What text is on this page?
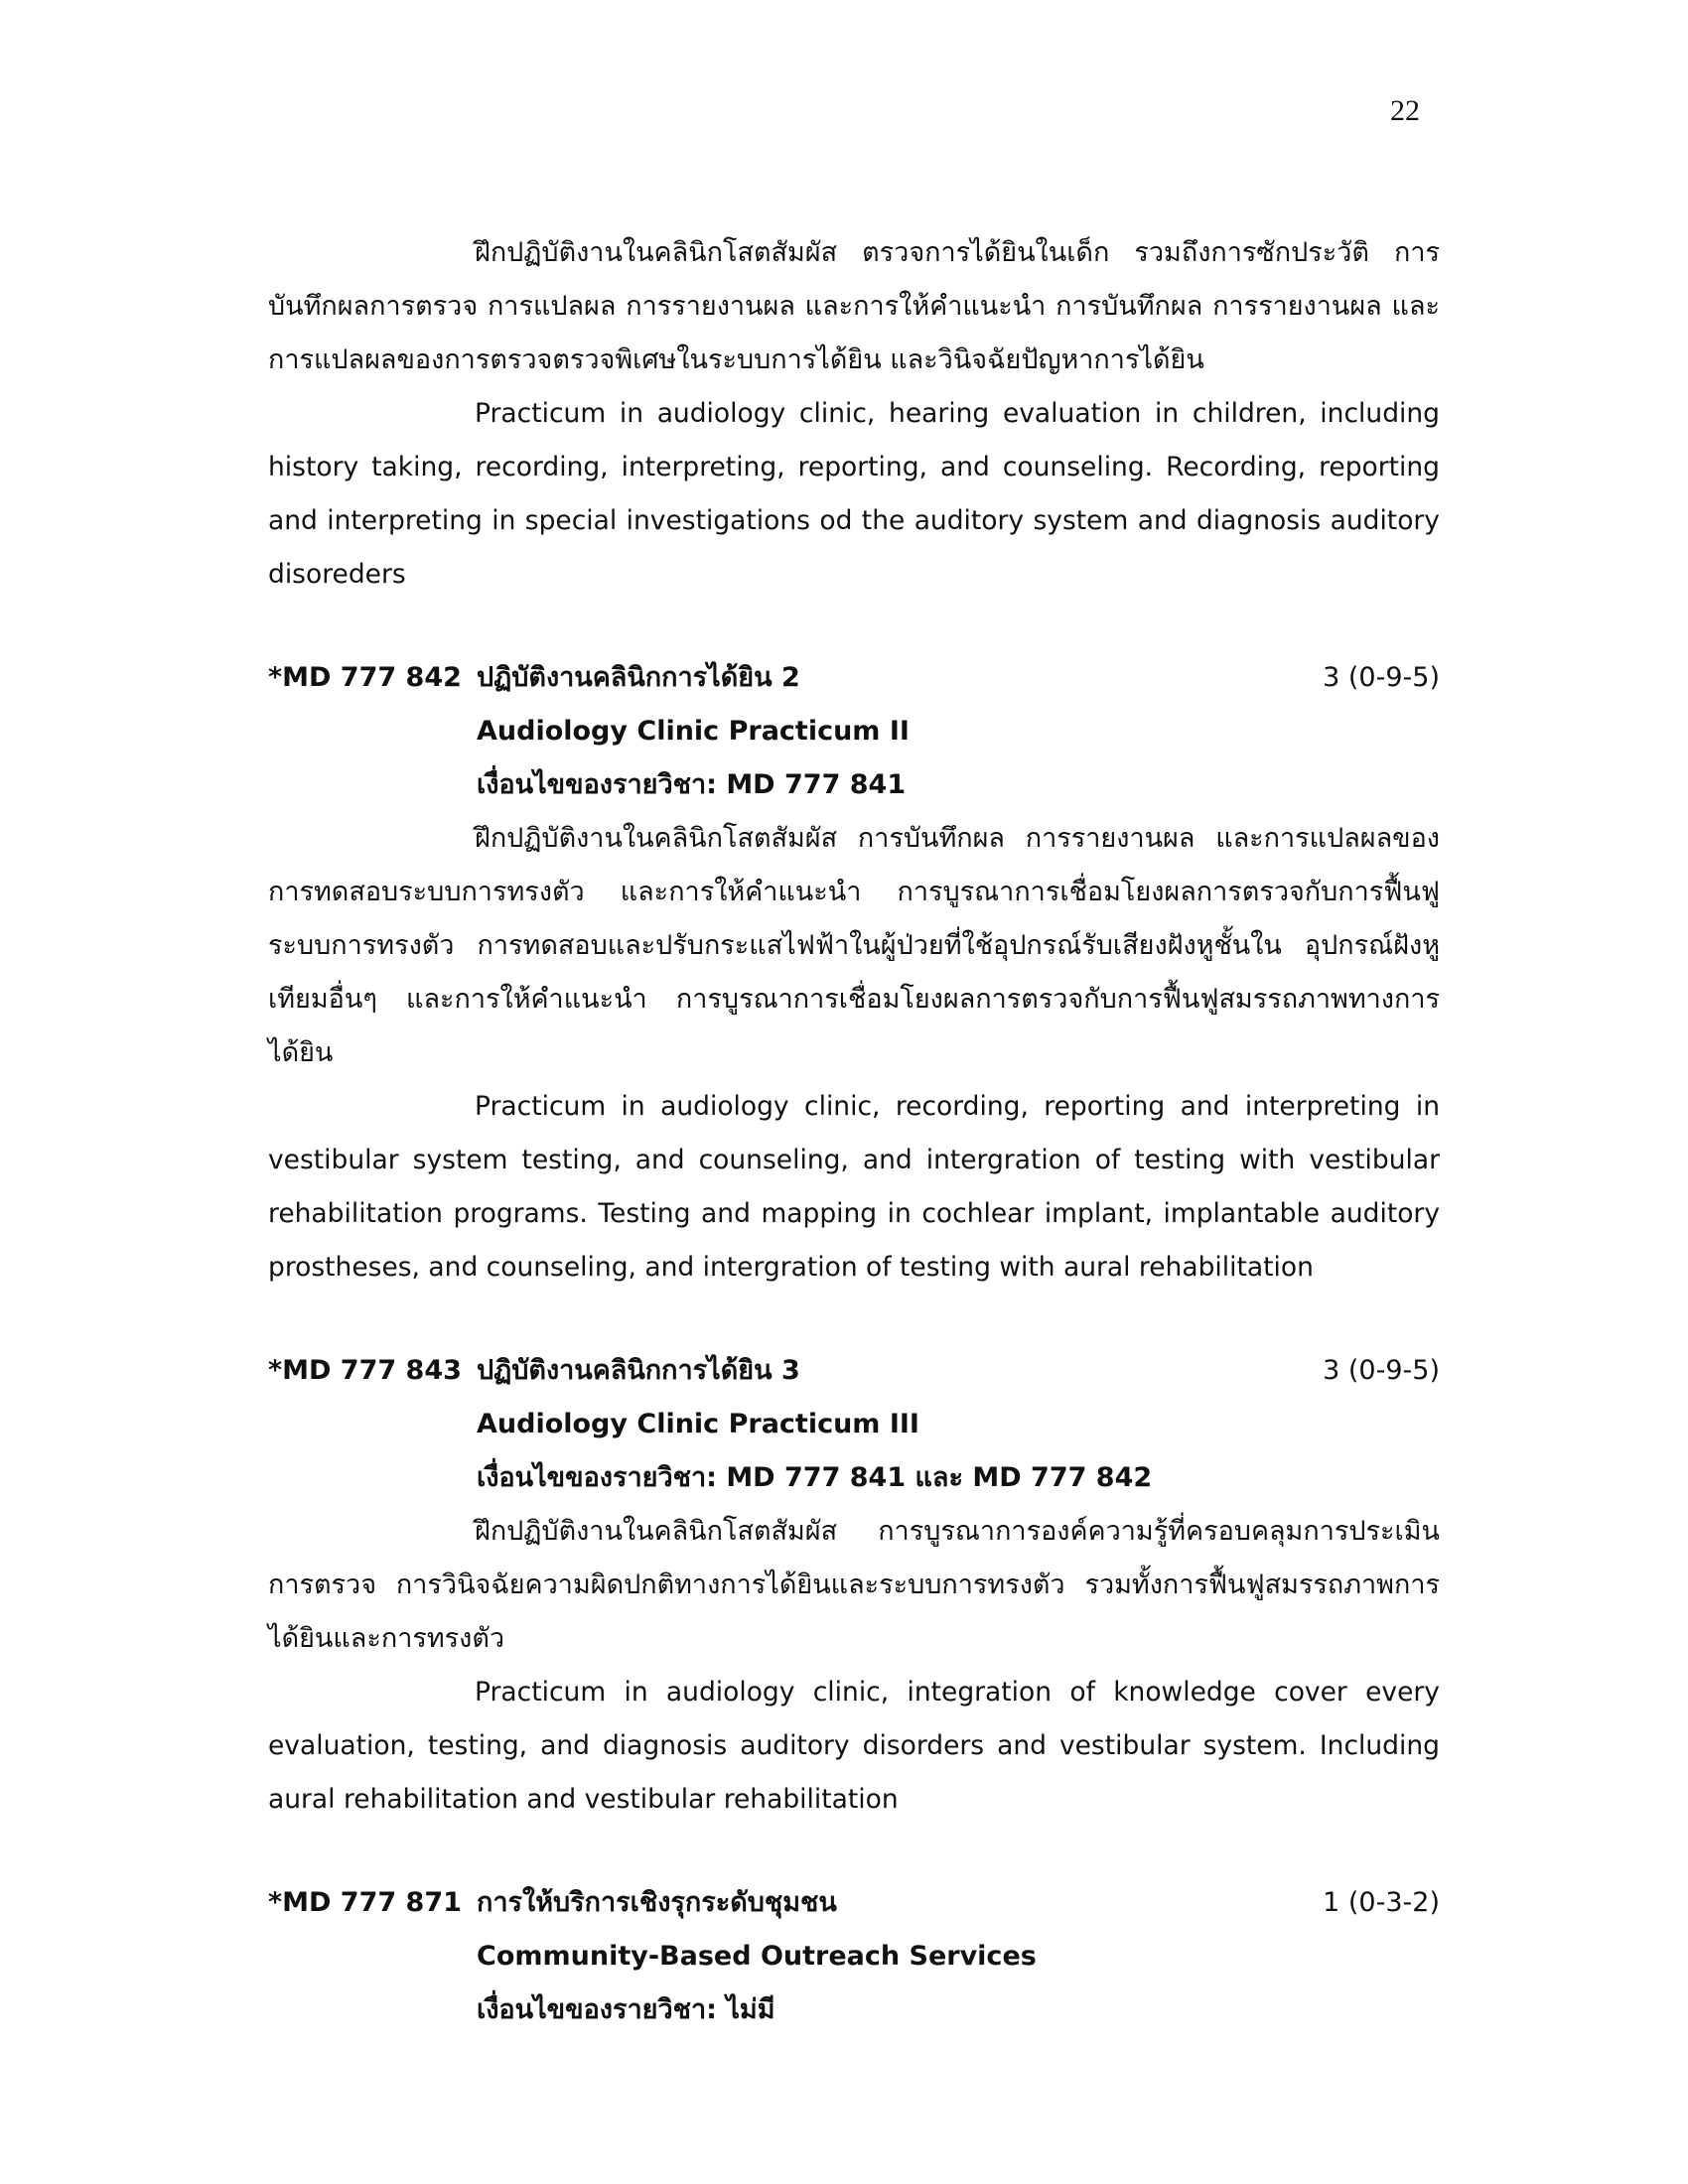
22

ฝึกปฏิบัติงานในคลินิกโสตสัมผัส ตรวจการได้ยินในเด็ก รวมถึงการซักประวัติ การบันทึกผลการตรวจ การแปลผล การรายงานผล และการให้คำแนะนำ การบันทึกผล การรายงานผล และการแปลผลของการตรวจตรวจพิเศษในระบบการได้ยิน และวินิจฉัยปัญหาการได้ยิน

Practicum in audiology clinic, hearing evaluation in children, including history taking, recording, interpreting, reporting, and counseling. Recording, reporting and interpreting in special investigations od the auditory system and diagnosis auditory disoreders

*MD 777 842 ปฏิบัติงานคลินิกการได้ยิน 2	3 (0-9-5)
Audiology Clinic Practicum II
เงื่อนไขของรายวิชา: MD 777 841

ฝึกปฏิบัติงานในคลินิกโสตสัมผัส การบันทึกผล การรายงานผล และการแปลผลของการทดสอบระบบการทรงตัว และการให้คำแนะนำ การบูรณาการเชื่อมโยงผลการตรวจกับการฟื้นฟูระบบการทรงตัว การทดสอบและปรับกระแสไฟฟ้าในผู้ป่วยที่ใช้อุปกรณ์รับเสียงฝังหูชั้นใน อุปกรณ์ฝังหูเทียมอื่นๆ และการให้คำแนะนำ การบูรณาการเชื่อมโยงผลการตรวจกับการฟื้นฟูสมรรถภาพทางการได้ยิน

Practicum in audiology clinic, recording, reporting and interpreting in vestibular system testing, and counseling, and intergration of testing with vestibular rehabilitation programs. Testing and mapping in cochlear implant, implantable auditory prostheses, and counseling, and intergration of testing with aural rehabilitation

*MD 777 843 ปฏิบัติงานคลินิกการได้ยิน 3	3 (0-9-5)
Audiology Clinic Practicum III
เงื่อนไขของรายวิชา: MD 777 841 และ MD 777 842

ฝึกปฏิบัติงานในคลินิกโสตสัมผัส การบูรณาการองค์ความรู้ที่ครอบคลุมการประเมิน การตรวจ การวินิจฉัยความผิดปกติทางการได้ยินและระบบการทรงตัว รวมทั้งการฟื้นฟูสมรรถภาพการได้ยินและการทรงตัว

Practicum in audiology clinic, integration of knowledge cover every evaluation, testing, and diagnosis auditory disorders and vestibular system. Including aural rehabilitation and vestibular rehabilitation

*MD 777 871 การให้บริการเชิงรุกระดับชุมชน	1 (0-3-2)
Community-Based Outreach Services
เงื่อนไขของรายวิชา: ไม่มี
